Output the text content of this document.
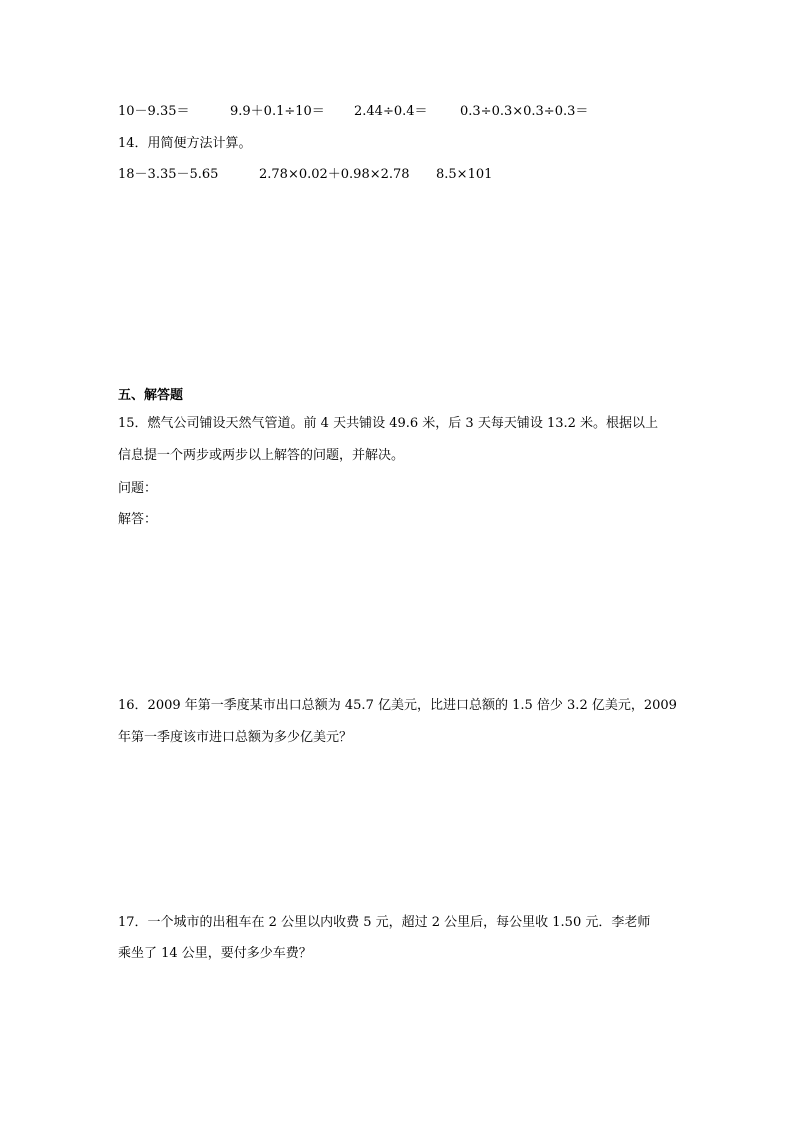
10－9.35＝	9.9＋0.1÷10＝ 2.44÷0.4＝ 0.3÷0.3×0.3÷0.3＝
14．用简便方法计算。
18－3.35－5.65	2.78×0.02＋0.98×2.78 8.5×101
五、解答题
15．燃气公司铺设天然气管道。前 4 天共铺设 49.6 米，后 3 天每天铺设 13.2 米。根据以上
信息提一个两步或两步以上解答的问题，并解决。
问题：
解答：
16．2009 年第一季度某市出口总额为 45.7 亿美元，比进口总额的 1.5 倍少 3.2 亿美元，2009
年第一季度该市进口总额为多少亿美元？
17．一个城市的出租车在 2 公里以内收费 5 元，超过 2 公里后，每公里收 1.50 元．李老师
乘坐了 14 公里，要付多少车费？
